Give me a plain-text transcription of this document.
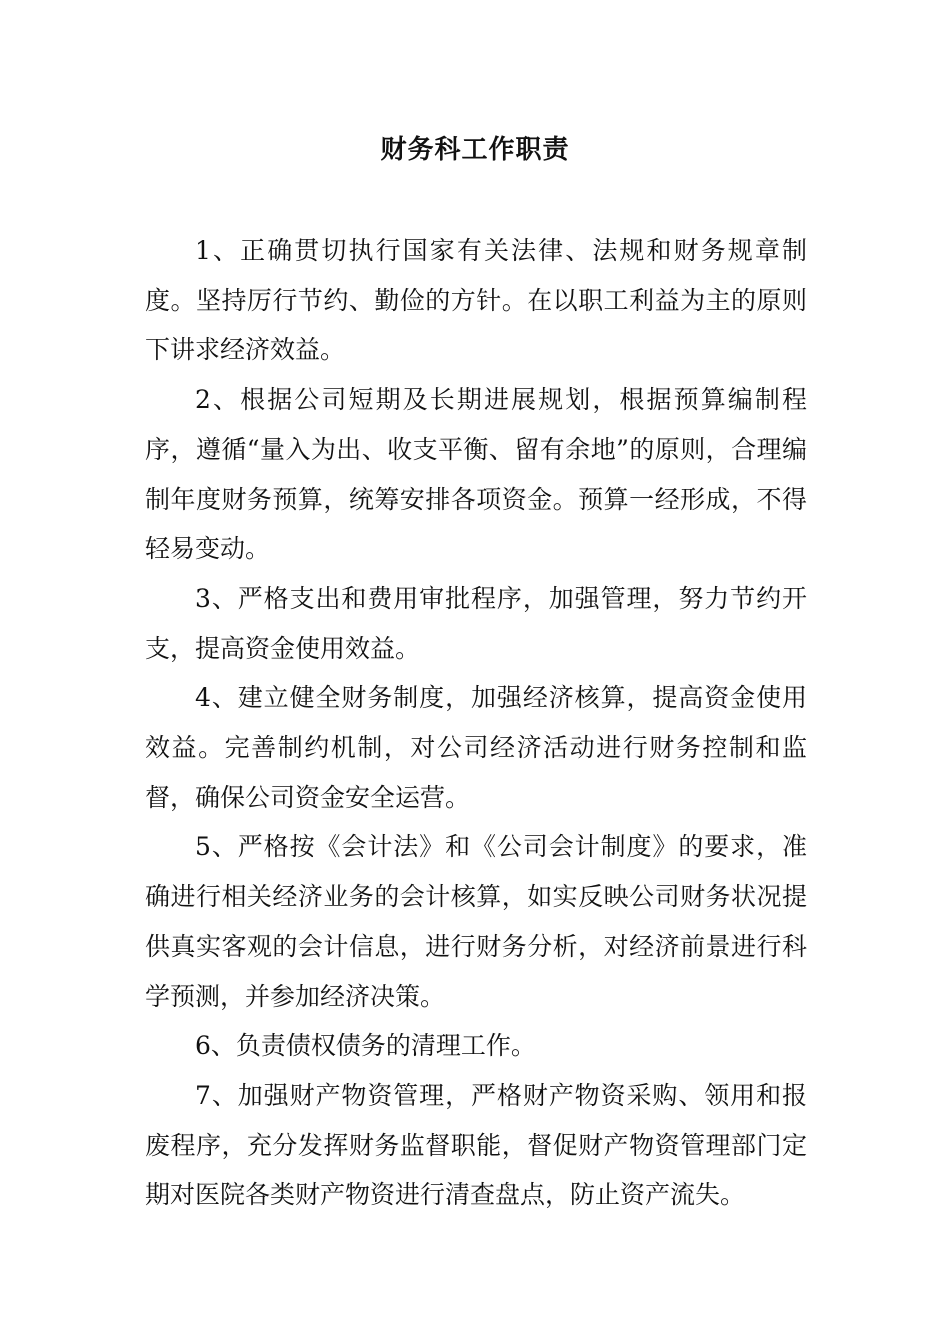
财务科工作职责

1、正确贯切执行国家有关法律、法规和财务规章制度。坚持厉行节约、勤俭的方针。在以职工利益为主的原则下讲求经济效益。

2、根据公司短期及长期进展规划，根据预算编制程序，遵循“量入为出、收支平衡、留有余地”的原则，合理编制年度财务预算，统筹安排各项资金。预算一经形成，不得轻易变动。

3、严格支出和费用审批程序，加强管理，努力节约开支，提高资金使用效益。

4、建立健全财务制度，加强经济核算，提高资金使用效益。完善制约机制，对公司经济活动进行财务控制和监督，确保公司资金安全运营。

5、严格按《会计法》和《公司会计制度》的要求，准确进行相关经济业务的会计核算，如实反映公司财务状况提供真实客观的会计信息，进行财务分析，对经济前景进行科学预测，并参加经济决策。

6、负责债权债务的清理工作。

7、加强财产物资管理，严格财产物资采购、领用和报废程序，充分发挥财务监督职能，督促财产物资管理部门定期对医院各类财产物资进行清查盘点，防止资产流失。
